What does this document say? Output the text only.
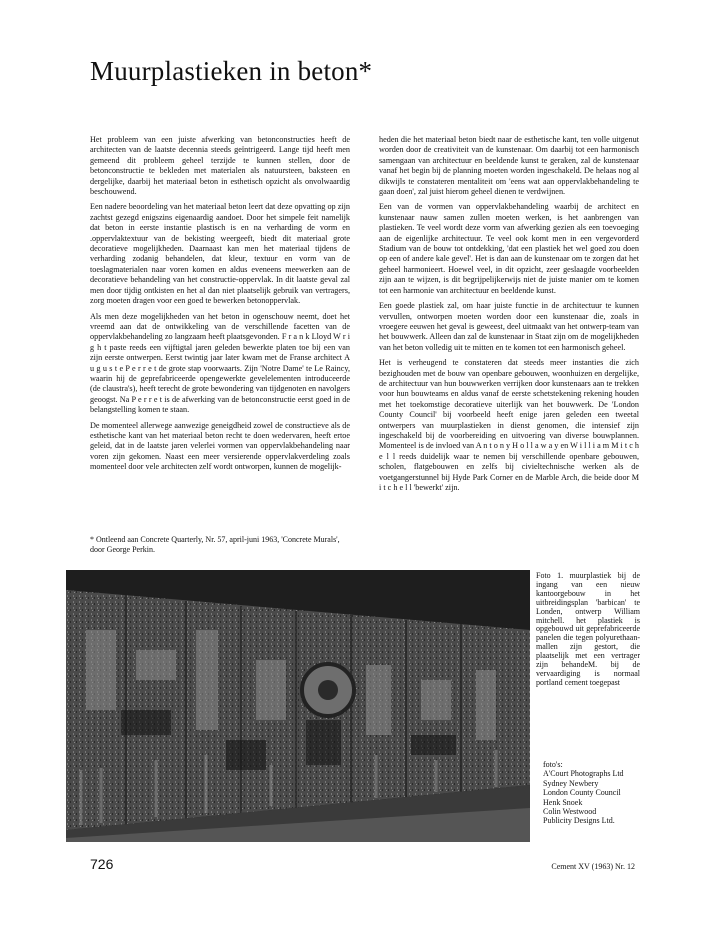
Muurplastieken in beton*

Het probleem van een juiste afwerking van betonconstructies heeft de architecten van de laatste decennia steeds geïntrigeerd. Lange tijd heeft men gemeend dit probleem geheel terzijde te kunnen stellen, door de betonconstructie te bekleden met materialen als natuursteen, baksteen en dergelijke, daarbij het materiaal beton in esthetisch opzicht als onvolwaardig beschouwend.

Een nadere beoordeling van het materiaal beton leert dat deze opvatting op zijn zachtst gezegd enigszins eigenaardig aandoet. Door het simpele feit namelijk dat beton in eerste instantie plastisch is en na verharding de vorm en .oppervlaktextuur van de bekisting weergeeft, biedt dit materiaal grote decoratieve mogelijkheden. Daarnaast kan men het materiaal tijdens de verharding zodanig behandelen, dat kleur, textuur en vorm van de toeslagmaterialen naar voren komen en aldus eveneens meewerken aan de decoratieve behandeling van het constructie-oppervlak. In dit laatste geval zal men door tijdig ontkisten en het al dan niet plaatselijk gebruik van vertragers, zorg moeten dragen voor een goed te bewerken betonoppervlak.

Als men deze mogelijkheden van het beton in ogenschouw neemt, doet het vreemd aan dat de ontwikkeling van de verschillende facetten van de oppervlakbehandeling zo langzaam heeft plaatsgevonden. F r a n k Lloyd W r i g h t paste reeds een vijftigtal jaren geleden bewerkte platen toe bij een van zijn eerste ontwerpen. Eerst twintig jaar later kwam met de Franse architect A u g u s t e P e r r e t de grote stap voorwaarts. Zijn 'Notre Dame' te Le Raincy, waarin hij de geprefabriceerde opengewerkte gevelelementen introduceerde (de claustra's), heeft terecht de grote bewondering van tijdgenoten en navolgers geoogst. Na P e r r e t is de afwerking van de betonconstructie eerst goed in de belangstelling komen te staan.

De momenteel allerwege aanwezige geneigdheid zowel de constructieve als de esthetische kant van het materiaal beton recht te doen wedervaren, heeft ertoe geleid, dat in de laatste jaren velerlei vormen van oppervlakbehandeling naar voren zijn gekomen. Naast een meer versierende oppervlakverdeling zoals momenteel door vele architecten zelf wordt ontworpen, kunnen de mogelijk-

* Ontleend aan Concrete Quarterly, Nr. 57, april-juni 1963, 'Concrete Murals', door George Perkin.

heden die het materiaal beton biedt naar de esthetische kant, ten volle uitgenut worden door de creativiteit van de kunstenaar. Om daarbij tot een harmonisch samengaan van architectuur en beeldende kunst te geraken, zal de kunstenaar vanaf het begin bij de planning moeten worden ingeschakeld. De helaas nog al dikwijls te constateren mentaliteit om 'eens wat aan oppervlakbehandeling te gaan doen', zal juist hierom geheel dienen te verdwijnen.

Een van de vormen van oppervlakbehandeling waarbij de architect en kunstenaar nauw samen zullen moeten werken, is het aanbrengen van plastieken. Te veel wordt deze vorm van afwerking gezien als een toevoeging aan de eigenlijke architectuur. Te veel ook komt men in een vergevorderd Stadium van de bouw tot ontdekking, 'dat een plastiek het wel goed zou doen op een of andere kale gevel'. Het is dan aan de kunstenaar om te zorgen dat het geheel harmonieert. Hoewel veel, in dit opzicht, zeer geslaagde voorbeelden zijn aan te wijzen, is dit begrijpelijkerwijs niet de juiste manier om te komen tot een harmonie van architectuur en beeldende kunst.

Een goede plastiek zal, om haar juiste functie in de architectuur te kunnen vervullen, ontworpen moeten worden door een kunstenaar die, zoals in vroegere eeuwen het geval is geweest, deel uitmaakt van het ontwerp-team van het bouwwerk. Alleen dan zal de kunstenaar in Staat zijn om de mogelijkheden van het beton volledig uit te mitten en te komen tot een harmonisch geheel.

Het is verheugend te constateren dat steeds meer instanties die zich bezighouden met de bouw van openbare gebouwen, woonhuizen en dergelijke, de architectuur van hun bouwwerken verrijken door kunstenaars aan te trekken voor hun bouwteams en aldus vanaf de eerste schetstekening rekening houden met het toekomstige decoratieve uiterlijk van het bouwwerk. De 'London County Council' bij voorbeeld heeft enige jaren geleden een tweetal ontwerpers van muurplastieken in dienst genomen, die intensief zijn ingeschakeld bij de voorbereiding en uitvoering van diverse bouwplannen. Momenteel is de invloed van A n t o n y H o l l a w a y en W i l l i a m M i t c h e l l reeds duidelijk waar te nemen bij verschillende openbare gebouwen, scholen, flatgebouwen en zelfs bij civieltechnische werken als de voetgangerstunnel bij Hyde Park Corner en de Marble Arch, die beide door M i t c h e l l 'bewerkt' zijn.

Foto 1. muurplastiek bij de ingang van een nieuw kantoorgebouw in het uitbreidingsplan 'barbican' te Londen, ontwerp William mitchell. het plastiek is opgebouwd uit geprefabriceerde panelen die tegen polyurethaan-mallen zijn gestort, die plaatselijk met een vertrager zijn behandeM. bij de vervaardiging is normaal portland cement toegepast
foto's:
A'Court Photographs Ltd
Sydney Newbery
London County Council
Henk Snoek
Colin Westwood
Publicity Designs Ltd.
726	Cement XV (1963) Nr. 12
